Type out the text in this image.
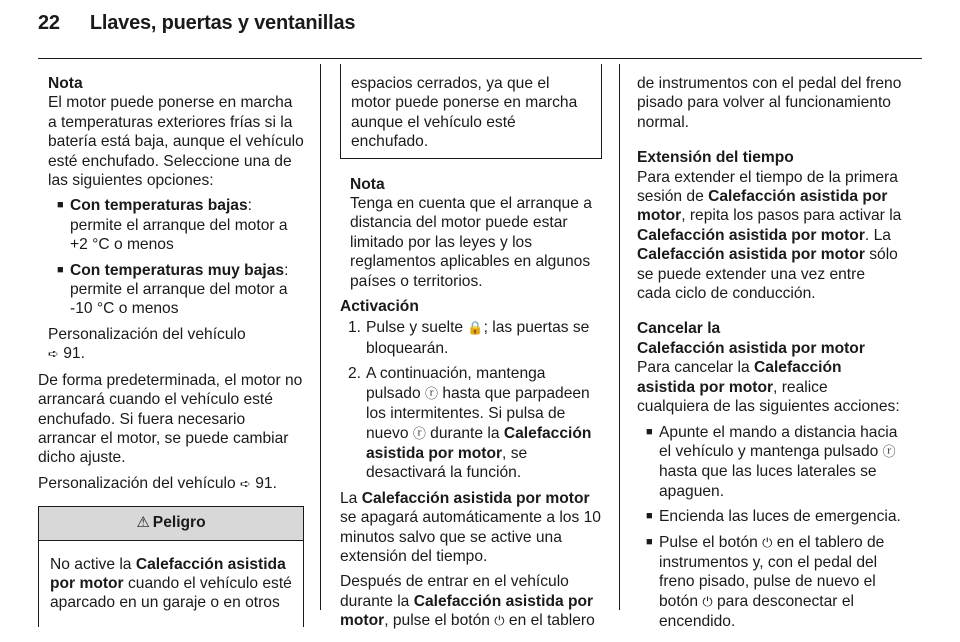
22 Llaves, puertas y ventanillas

Nota

El motor puede ponerse en marcha a temperaturas exteriores frías si la batería está baja, aunque el vehículo esté enchufado. Seleccione una de las siguientes opciones:

■ Con temperaturas bajas: permite el arranque del motor a +2 °C o menos
■ Con temperaturas muy bajas: permite el arranque del motor a -10 °C o menos

Personalización del vehículo
➪ 91.

De forma predeterminada, el motor no arrancará cuando el vehículo esté enchufado. Si fuera necesario arrancar el motor, se puede cambiar dicho ajuste.

Personalización del vehículo ➪ 91.

⚠ Peligro
No active la Calefacción asistida por motor cuando el vehículo esté aparcado en un garaje o en otros
espacios cerrados, ya que el motor puede ponerse en marcha aunque el vehículo esté enchufado.

Nota

Tenga en cuenta que el arranque a distancia del motor puede estar limitado por las leyes y los reglamentos aplicables en algunos países o territorios.

Activación

1. Pulse y suelte 🔒; las puertas se bloquearán.
2. A continuación, mantenga pulsado ⓡ hasta que parpadeen los intermitentes. Si pulsa de nuevo ⓡ durante la Calefacción asistida por motor, se desactivará la función.

La Calefacción asistida por motor se apagará automáticamente a los 10 minutos salvo que se active una extensión del tiempo.

Después de entrar en el vehículo durante la Calefacción asistida por motor, pulse el botón ⏻ en el tablero

de instrumentos con el pedal del freno pisado para volver al funcionamiento normal.

Extensión del tiempo

Para extender el tiempo de la primera sesión de Calefacción asistida por motor, repita los pasos para activar la Calefacción asistida por motor. La Calefacción asistida por motor sólo se puede extender una vez entre cada ciclo de conducción.

Cancelar la
Calefacción asistida por motor

Para cancelar la Calefacción asistida por motor, realice cualquiera de las siguientes acciones:

■ Apunte el mando a distancia hacia el vehículo y mantenga pulsado ⓡ hasta que las luces laterales se apaguen.
■ Encienda las luces de emergencia.
■ Pulse el botón ⏻ en el tablero de instrumentos y, con el pedal del freno pisado, pulse de nuevo el botón ⏻ para desconectar el encendido.
